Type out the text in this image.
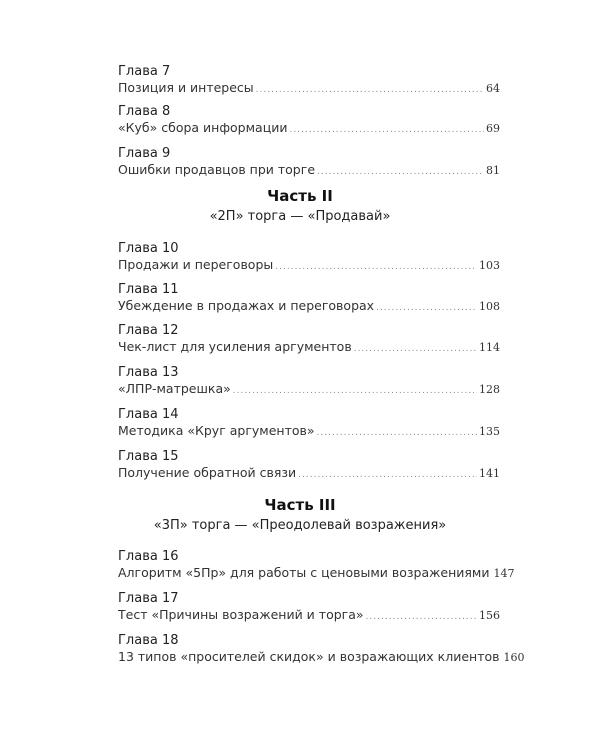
Глава 7
Позиция и интересы .....	64
Глава 8
«Куб» сбора информации .....	69
Глава 9
Ошибки продавцов при торге .....	81
Часть II
«2П» торга — «Продавай»
Глава 10
Продажи и переговоры .....	103
Глава 11
Убеждение в продажах и переговорах .....	108
Глава 12
Чек-лист для усиления аргументов .....	114
Глава 13
«ЛПР-матрешка» .....	128
Глава 14
Методика «Круг аргументов» .....	135
Глава 15
Получение обратной связи .....	141
Часть III
«3П» торга — «Преодолевай возражения»
Глава 16
Алгоритм «5Пр» для работы с ценовыми возражениями 147
Глава 17
Тест «Причины возражений и торга» .....	156
Глава 18
13 типов «просителей скидок» и возражающих клиентов 160
